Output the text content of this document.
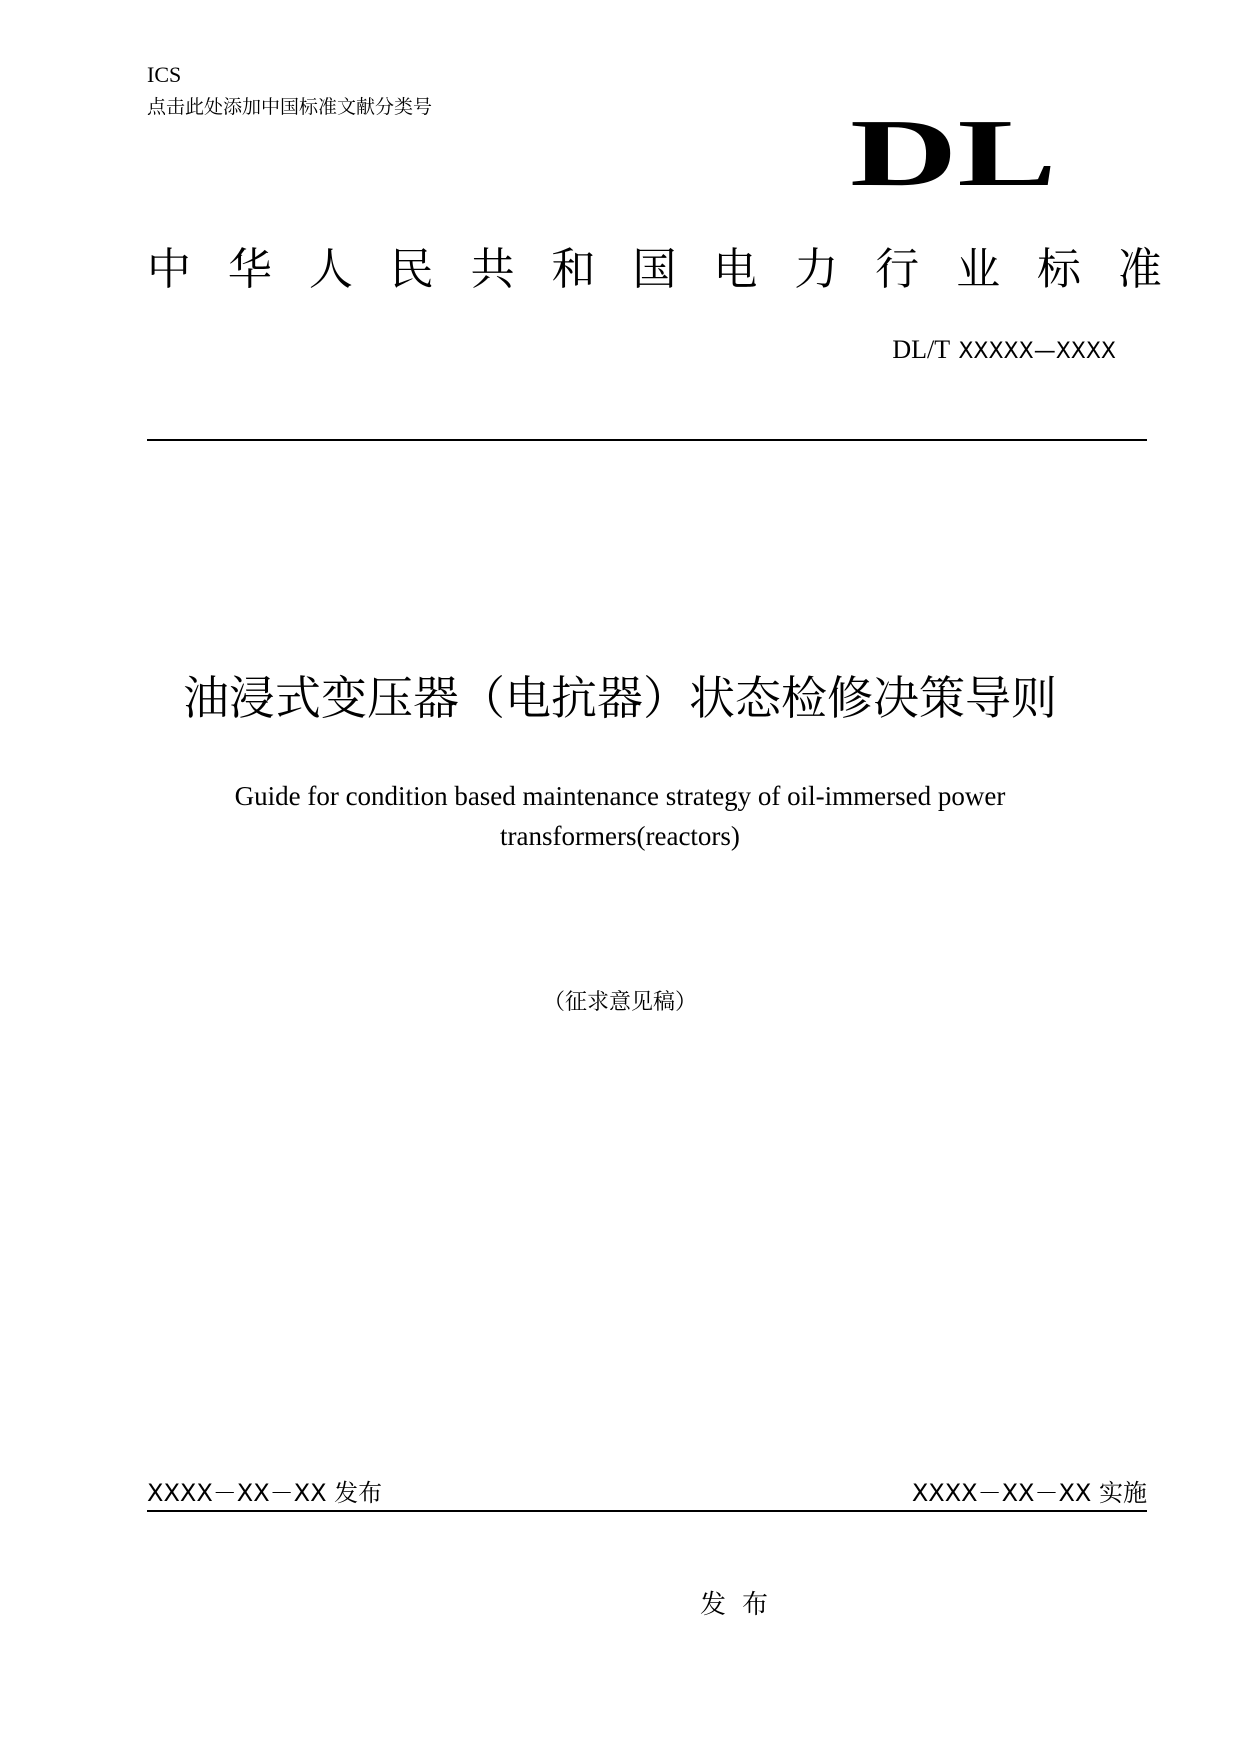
ICS
点击此处添加中国标准文献分类号	DL
中 华 人 民 共 和 国 电 力 行 业 标 准
DL/T XXXXX—XXXX
油浸式变压器（电抗器）状态检修决策导则
Guide for condition based maintenance strategy of oil-immersed power
transformers(reactors)
（征求意见稿）
XXXX－XX－XX 发布	XXXX－XX－XX 实施
发布
